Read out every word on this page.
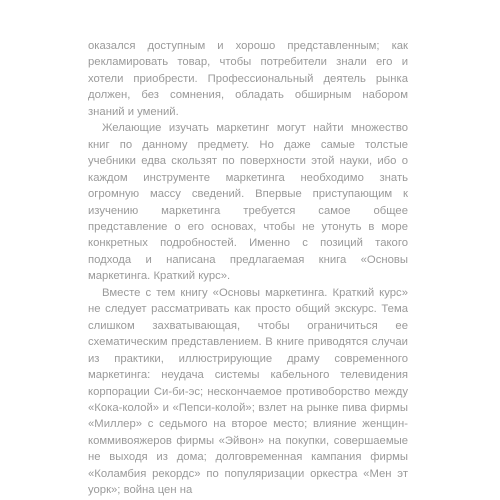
оказался доступным и хорошо представленным; как рекламировать товар, чтобы потребители знали его и хотели приобрести. Профессиональный деятель рынка должен, без сомнения, обладать обширным набором знаний и умений.

Желающие изучать маркетинг могут найти множество книг по данному предмету. Но даже самые толстые учебники едва скользят по поверхности этой науки, ибо о каждом инструменте маркетинга необходимо знать огромную массу сведений. Впервые приступающим к изучению маркетинга требуется самое общее представление о его основах, чтобы не утонуть в море конкретных подробностей. Именно с позиций такого подхода и написана предлагаемая книга «Основы маркетинга. Краткий курс».

Вместе с тем книгу «Основы маркетинга. Краткий курс» не следует рассматривать как просто общий экскурс. Тема слишком захватывающая, чтобы ограничиться ее схематическим представлением. В книге приводятся случаи из практики, иллюстрирующие драму современного маркетинга: неудача системы кабельного телевидения корпорации Си-би-эс; нескончаемое противоборство между «Кока-колой» и «Пепси-колой»; взлет на рынке пива фирмы «Миллер» с седьмого на второе место; влияние женщин-коммивояжеров фирмы «Эйвон» на покупки, совершаемые не выходя из дома; долговременная кампания фирмы «Коламбия рекордс» по популяризации оркестра «Мен эт уорк»; война цен на
